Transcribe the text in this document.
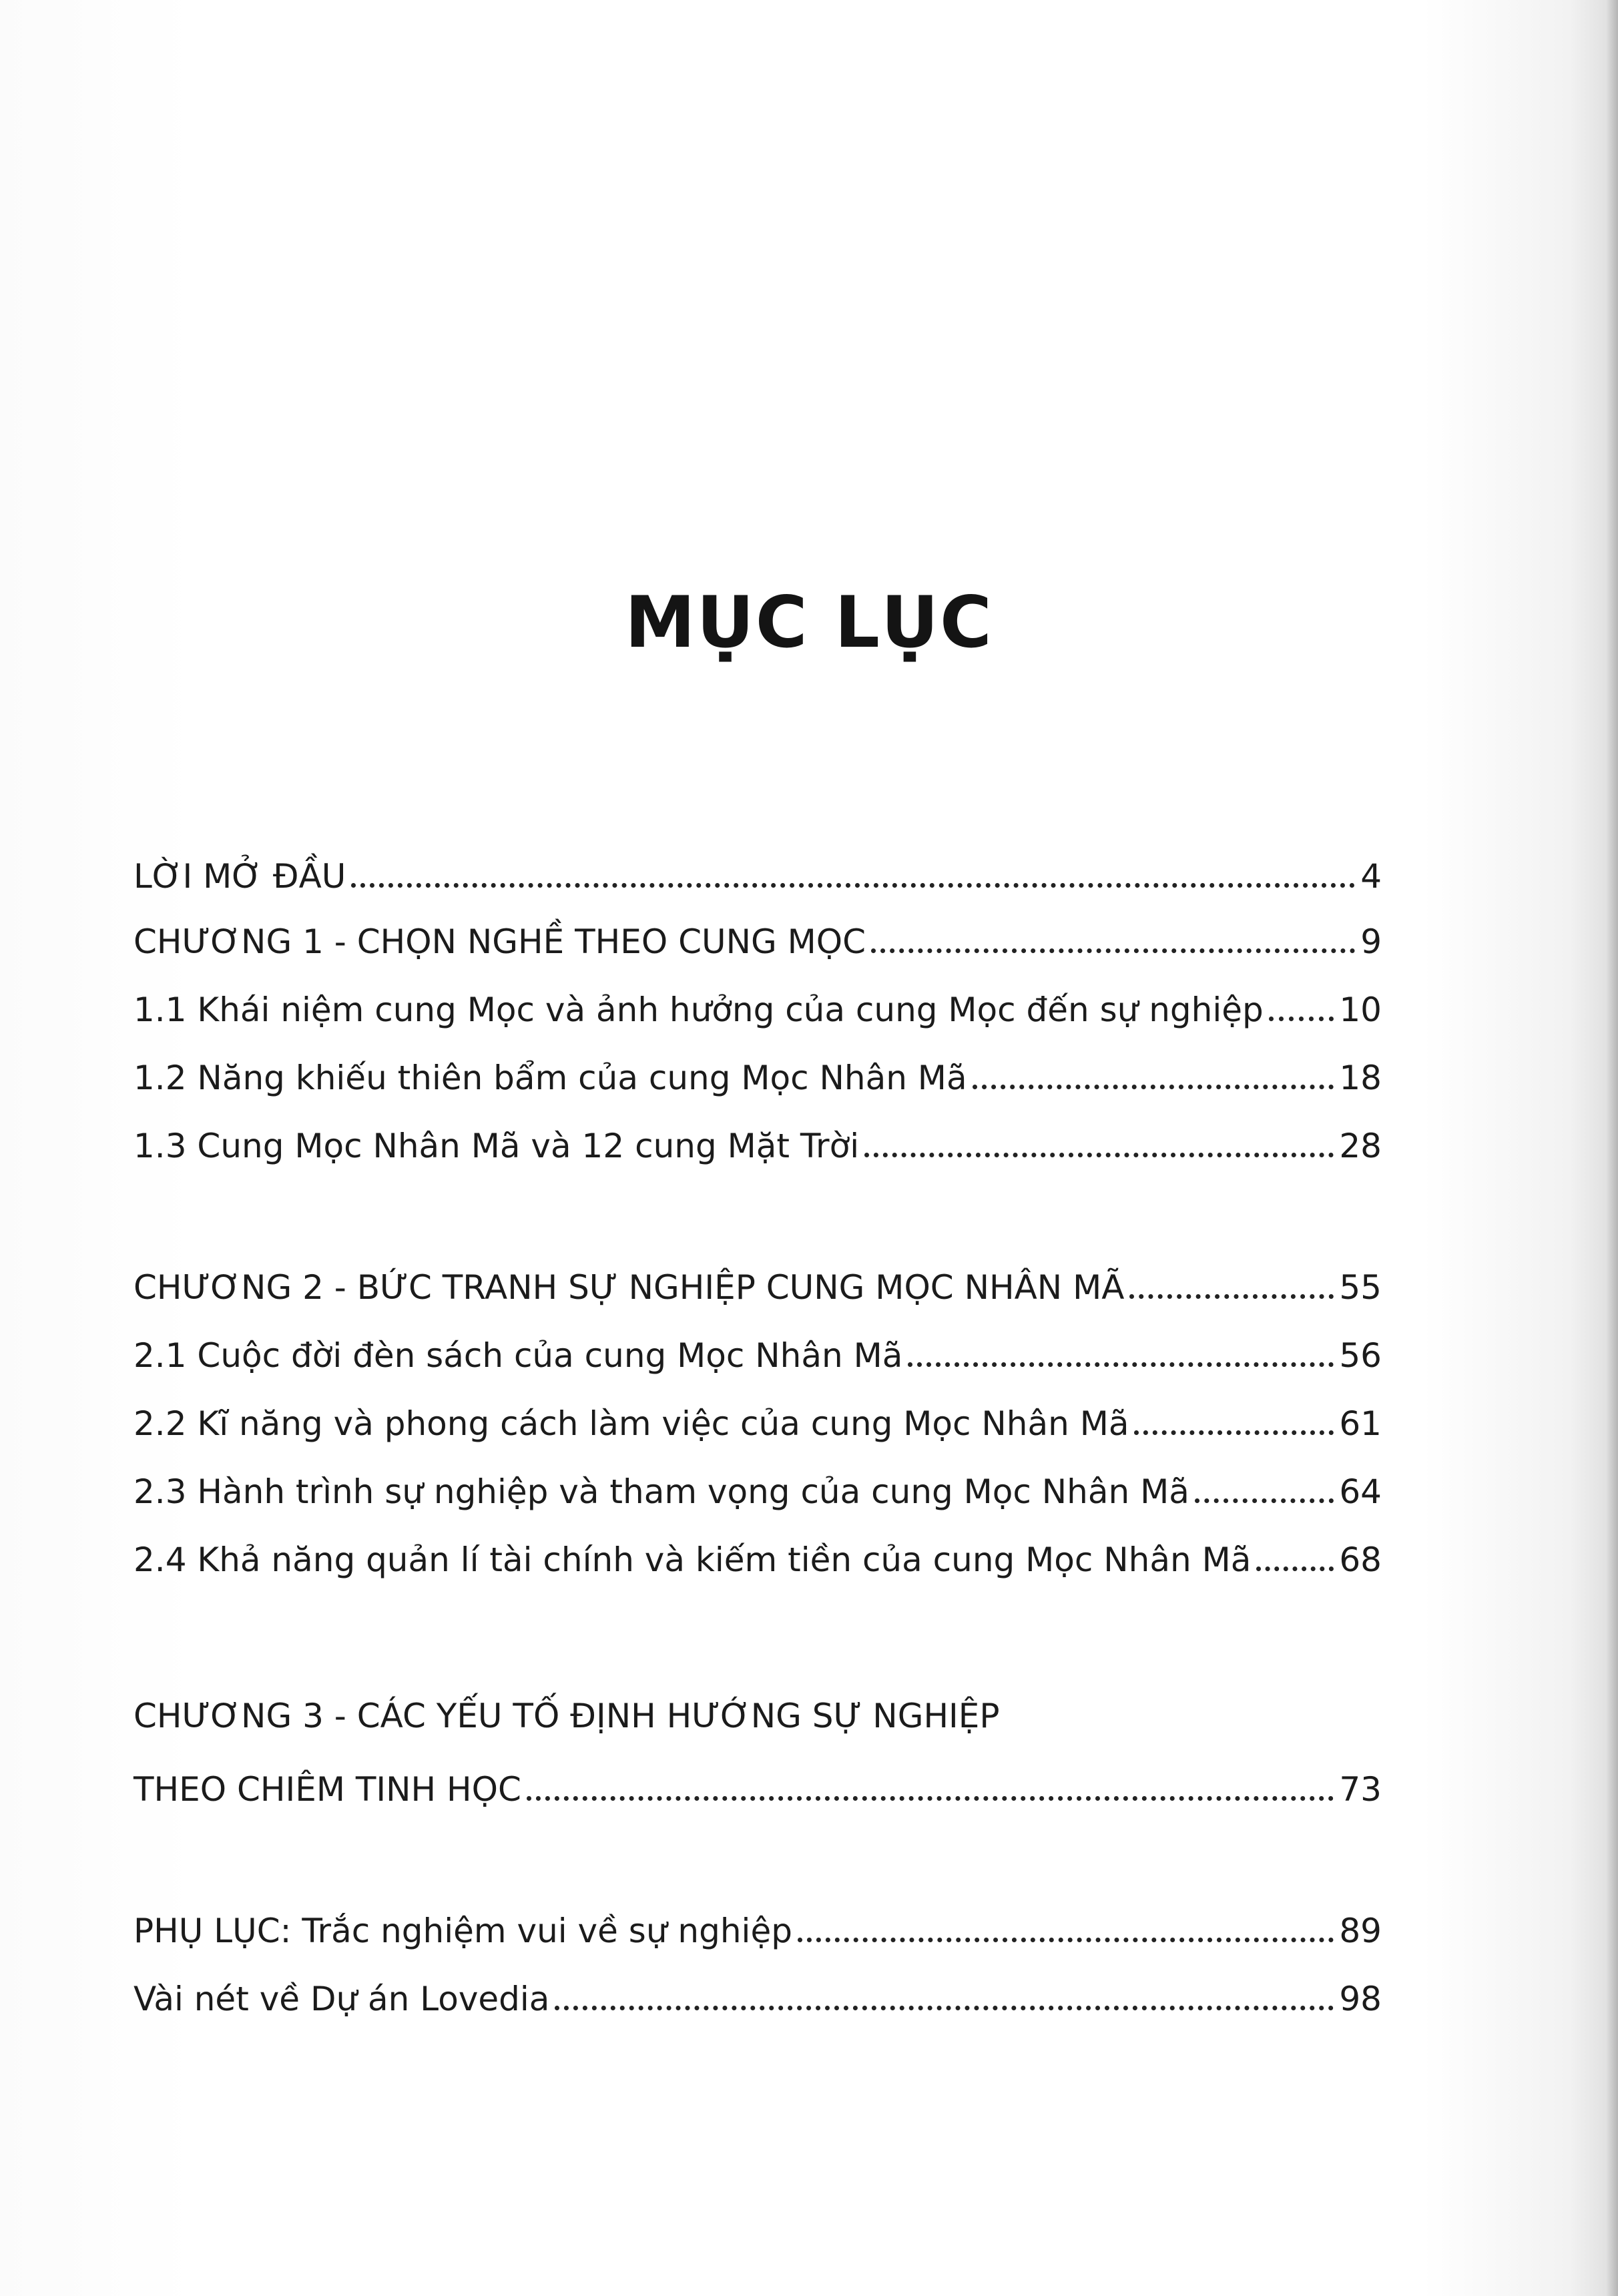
MỤC LỤC
LỜI MỞ ĐẦU	4
CHƯƠNG 1 - CHỌN NGHỀ THEO CUNG MỌC	9
1.1 Khái niệm cung Mọc và ảnh hưởng của cung Mọc đến sự nghiệp 10
1.2 Năng khiếu thiên bẩm của cung Mọc Nhân Mã	18
1.3 Cung Mọc Nhân Mã và 12 cung Mặt Trời	28
CHƯƠNG 2 - BỨC TRANH SỰ NGHIỆP CUNG MỌC NHÂN MÃ	55
2.1 Cuộc đời đèn sách của cung Mọc Nhân Mã	56
2.2 Kĩ năng và phong cách làm việc của cung Mọc Nhân Mã	61
2.3 Hành trình sự nghiệp và tham vọng của cung Mọc Nhân Mã	64
2.4 Khả năng quản lí tài chính và kiếm tiền của cung Mọc Nhân Mã	68
CHƯƠNG 3 - CÁC YẾU TỐ ĐỊNH HƯỚNG SỰ NGHIỆP
THEO CHIÊM TINH HỌC	73
PHỤ LỤC: Trắc nghiệm vui về sự nghiệp	89
Vài nét về Dự án Lovedia	98
